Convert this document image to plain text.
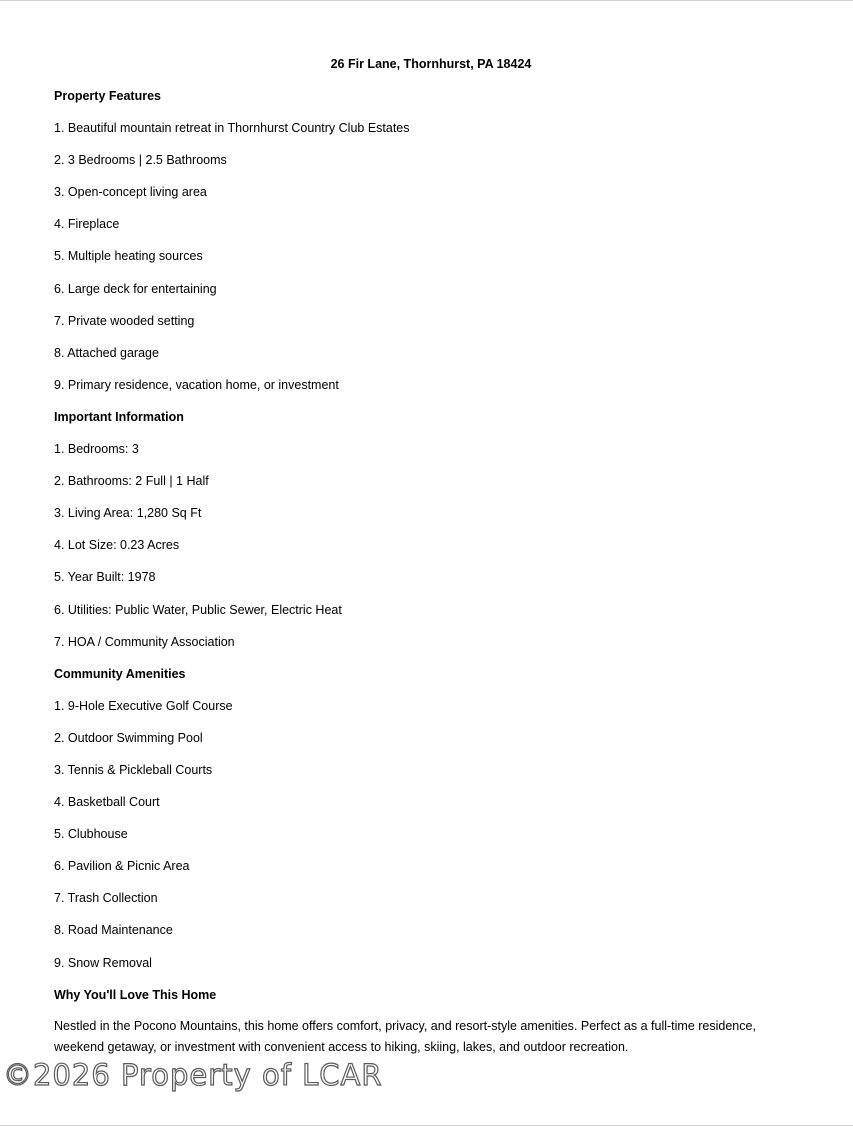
26 Fir Lane, Thornhurst, PA 18424
Property Features
1. Beautiful mountain retreat in Thornhurst Country Club Estates
2. 3 Bedrooms | 2.5 Bathrooms
3. Open-concept living area
4. Fireplace
5. Multiple heating sources
6. Large deck for entertaining
7. Private wooded setting
8. Attached garage
9. Primary residence, vacation home, or investment
Important Information
1. Bedrooms: 3
2. Bathrooms: 2 Full | 1 Half
3. Living Area: 1,280 Sq Ft
4. Lot Size: 0.23 Acres
5. Year Built: 1978
6. Utilities: Public Water, Public Sewer, Electric Heat
7. HOA / Community Association
Community Amenities
1. 9-Hole Executive Golf Course
2. Outdoor Swimming Pool
3. Tennis & Pickleball Courts
4. Basketball Court
5. Clubhouse
6. Pavilion & Picnic Area
7. Trash Collection
8. Road Maintenance
9. Snow Removal
Why You'll Love This Home
Nestled in the Pocono Mountains, this home offers comfort, privacy, and resort-style amenities. Perfect as a full-time residence, weekend getaway, or investment with convenient access to hiking, skiing, lakes, and outdoor recreation.
©2026 Property of LCAR
